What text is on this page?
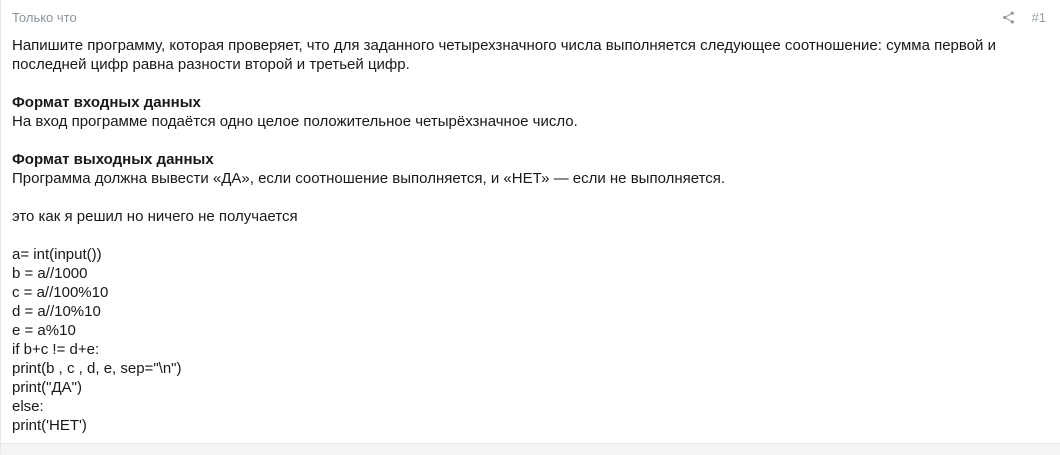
Только что	#1

Напишите программу, которая проверяет, что для заданного четырехзначного числа выполняется следующее соотношение: сумма первой и последней цифр равна разности второй и третьей цифр.

Формат входных данных

На вход программе подаётся одно целое положительное четырёхзначное число.

Формат выходных данных

Программа должна вывести «ДА», если соотношение выполняется, и «НЕТ» — если не выполняется.

это как я решил но ничего не получается

a= int(input())

b = a//1000

c = a//100%10

d = a//10%10

e = a%10

if b+c != d+e:

print(b , c , d, e, sep="\n")

print("ДА")

else:

print('НЕТ')
